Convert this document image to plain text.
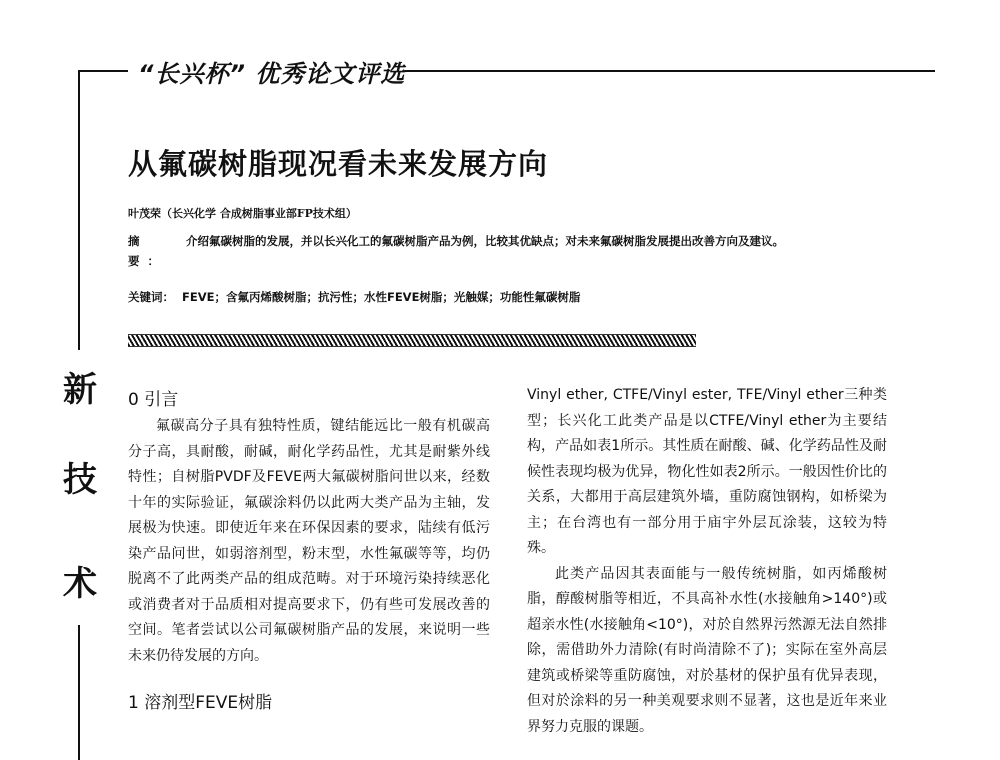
“长兴杯” 优秀论文评选
新
技
术
从氟碳树脂现况看未来发展方向
叶茂荣（长兴化学 合成树脂事业部FP技术组）
摘 要：介绍氟碳树脂的发展，并以长兴化工的氟碳树脂产品为例，比较其优缺点；对未来氟碳树脂发展提出改善方向及建议。
关键词： FEVE；含氟丙烯酸树脂；抗污性；水性FEVE树脂；光触媒；功能性氟碳树脂
0 引言

氟碳高分子具有独特性质，键结能远比一般有机碳高分子高，具耐酸，耐碱，耐化学药品性，尤其是耐紫外线特性；自树脂PVDF及FEVE两大氟碳树脂问世以来，经数十年的实际验证，氟碳涂料仍以此两大类产品为主轴，发展极为快速。即使近年来在环保因素的要求，陆续有低污染产品问世，如弱溶剂型，粉末型，水性氟碳等等，均仍脱离不了此两类产品的组成范畴。对于环境污染持续恶化或消费者对于品质相对提高要求下，仍有些可发展改善的空间。笔者尝试以公司氟碳树脂产品的发展，来说明一些未来仍待发展的方向。

1 溶剂型FEVE树脂

Vinyl ether, CTFE/Vinyl ester, TFE/Vinyl ether三种类型；长兴化工此类产品是以CTFE/Vinyl ether为主要结构，产品如表1所示。其性质在耐酸、碱、化学药品性及耐候性表现均极为优异，物化性如表2所示。一般因性价比的关系，大都用于高层建筑外墙，重防腐蚀钢构，如桥梁为主；在台湾也有一部分用于庙宇外层瓦涂装，这较为特殊。

此类产品因其表面能与一般传统树脂，如丙烯酸树脂，醇酸树脂等相近，不具高补水性(水接触角>140°)或超亲水性(水接触角<10°)，对於自然界污然源无法自然排除，需借助外力清除(有时尚清除不了)；实际在室外高层建筑或桥梁等重防腐蚀，对於基材的保护虽有优异表现，但对於涂料的另一种美观要求则不显著，这也是近年来业界努力克服的课题。
